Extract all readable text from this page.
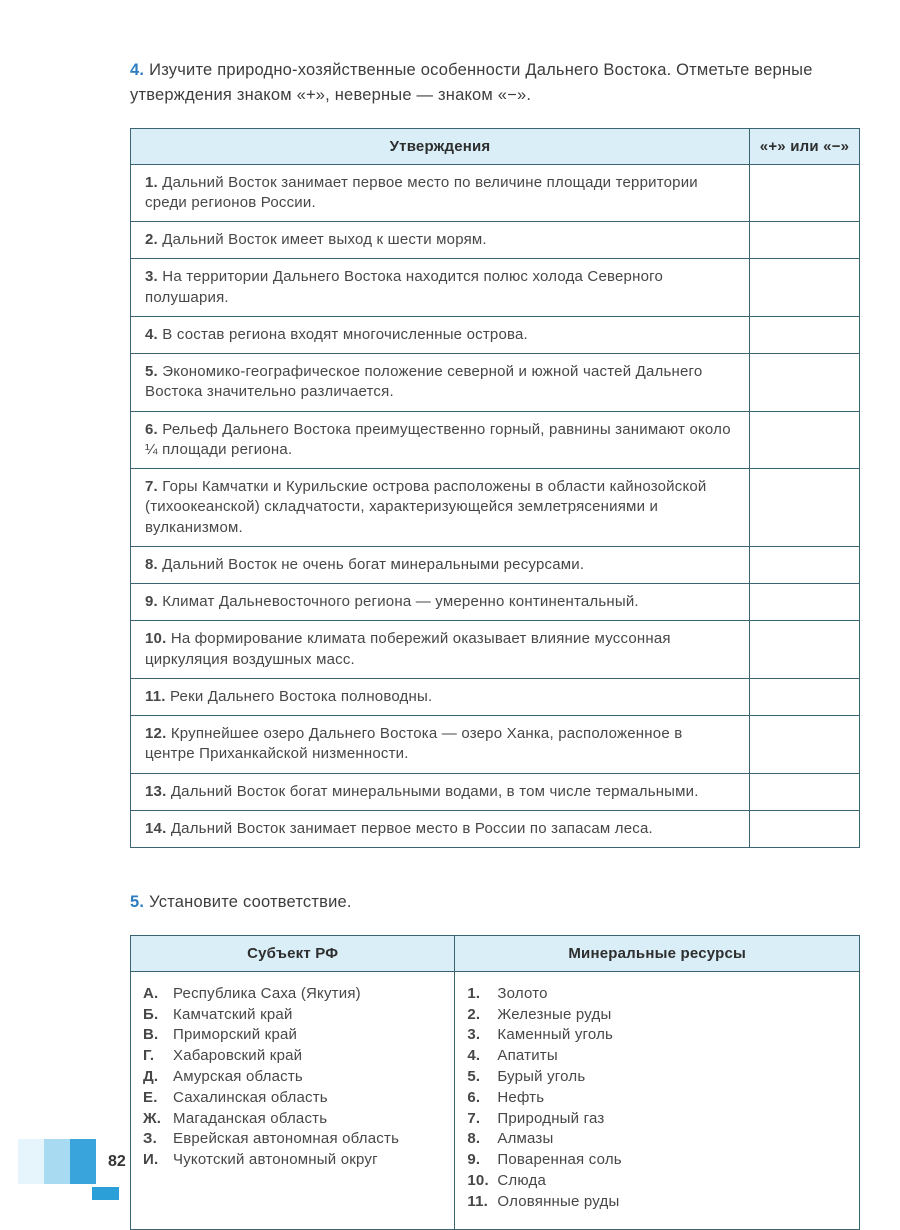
4. Изучите природно-хозяйственные особенности Дальнего Востока. Отметьте верные утверждения знаком «+», неверные — знаком «−».

Утверждения	«+» или «−»
1. Дальний Восток занимает первое место по величине площади территории среди регионов России.	
2. Дальний Восток имеет выход к шести морям.	
3. На территории Дальнего Востока находится полюс холода Северного полушария.	
4. В состав региона входят многочисленные острова.	
5. Экономико-географическое положение северной и южной частей Дальнего Востока значительно различается.	
6. Рельеф Дальнего Востока преимущественно горный, равнины занимают около ¼ площади региона.	
7. Горы Камчатки и Курильские острова расположены в области кайнозойской (тихоокеанской) складчатости, характеризующейся землетрясениями и вулканизмом.	
8. Дальний Восток не очень богат минеральными ресурсами.	
9. Климат Дальневосточного региона — умеренно континентальный.	
10. На формирование климата побережий оказывает влияние муссонная циркуляция воздушных масс.	
11. Реки Дальнего Востока полноводны.	
12. Крупнейшее озеро Дальнего Востока — озеро Ханка, расположенное в центре Приханкайской низменности.	
13. Дальний Восток богат минеральными водами, в том числе термальными.	
14. Дальний Восток занимает первое место в России по запасам леса.	

5. Установите соответствие.

Субъект РФ	Минеральные ресурсы

А. Республика Саха (Якутия)
Б. Камчатский край
В. Приморский край
Г.	Хабаровский край
Д. Амурская область
Е.	Сахалинская область
Ж. Магаданская область
З.	Еврейская автономная область
И. Чукотский автономный округ

1.	Золото
2.	Железные руды
3.	Каменный уголь
4.	Апатиты
5.	Бурый уголь
6.	Нефть
7.	Природный газ
8.	Алмазы
9.	Поваренная соль
10. Слюда
11. Оловянные руды
82
